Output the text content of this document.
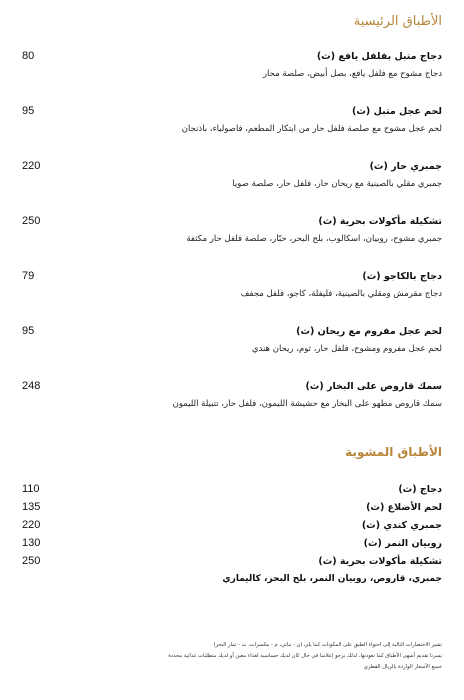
الأطباق الرئيسية
80	دجاج متبل بفلفل يافع (ث)
دجاج مشوح مع فلفل يافع، بصل أبيض، صلصة محار
95	لحم عجل متبل (ث)
لحم عجل مشوح مع صلصة فلفل حار من ابتكار المطعم، فاصولياء، باذنجان
220	جمبري حار (ث)
جمبري مقلي بالصينية مع ريحان حار، فلفل حار، صلصة صويا
250	تشكيلة مأكولات بحرية (ث)
جمبري مشوح، روبيان، اسكالوب، بلح البحر، حبّار، صلصة فلفل حار مكثفة
79	دجاج بالكاجو (ث)
دجاج مقرمش ومقلي بالصينية، فليفلة، كاجو، فلفل مجفف
95	لحم عجل مفروم مع ريحان (ث)
لحم عجل مفروم ومشوح، فلفل حار، ثوم، ريحان هندي
248	سمك قاروص على البخار (ث)
سمك قاروص مطهو على البخار مع حشيشة الليمون، فلفل حار، تتبيلة الليمون
الأطباق المشوية
110	دجاج (ث)
135	لحم الأضلاع (ث)
220	جمبري كندي (ث)
130	روبيان النمر (ث)
250	تشكيلة مأكولات بحرية (ث)
جمبري، قاروص، روبيان النمر، بلح البحر، كاليماري
تشير الاختصارات التالية إلى احتواء الطبق على المكونات كما يلي (ن - نباتي، م - مكسرات، ث - ثمار البحر)
يسرنا تقديم أشهى الأطباق كما تعودتها، لذلك نرجو إعلامنا في حال كان لديك حساسية لغذاء معين أو لديك متطلبات غذائية محددة
جميع الأسعار الواردة بالريال القطري
